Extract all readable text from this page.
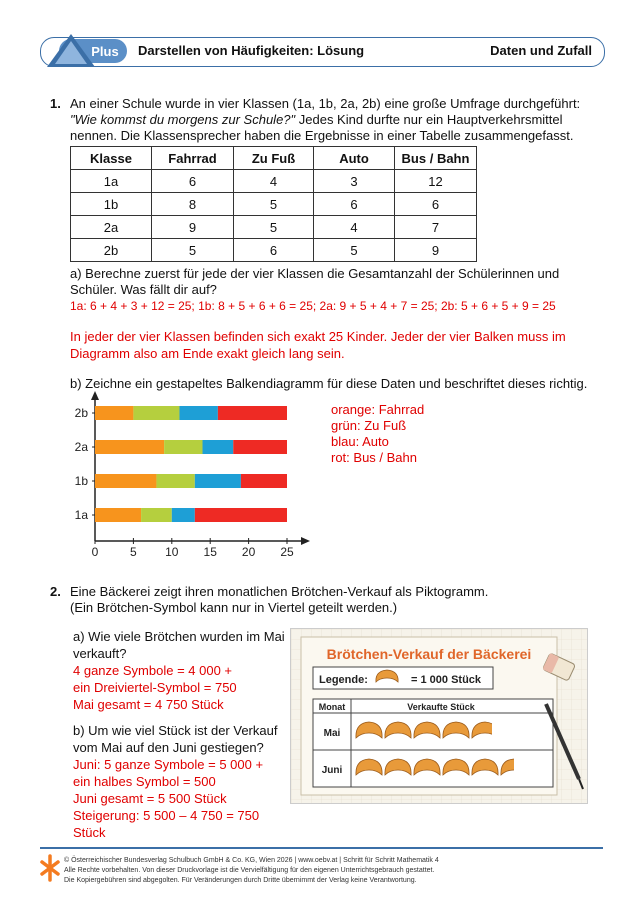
Plus Darstellen von Häufigkeiten: Lösung	Daten und Zufall
1. An einer Schule wurde in vier Klassen (1a, 1b, 2a, 2b) eine große Umfrage durchgeführt: "Wie kommst du morgens zur Schule?" Jedes Kind durfte nur ein Hauptverkehrsmittel nennen. Die Klassensprecher haben die Ergebnisse in einer Tabelle zusammengefasst.
Klasse	Fahrrad	Zu Fuß	Auto	Bus / Bahn
1a	6	4	3	12
1b	8	5	6	6
2a	9	5	4	7
2b	5	6	5	9
a) Berechne zuerst für jede der vier Klassen die Gesamtanzahl der Schülerinnen und Schüler. Was fällt dir auf?
1a: 6 + 4 + 3 + 12 = 25; 1b: 8 + 5 + 6 + 6 = 25; 2a: 9 + 5 + 4 + 7 = 25; 2b: 5 + 6 + 5 + 9 = 25
In jeder der vier Klassen befinden sich exakt 25 Kinder. Jeder der vier Balken muss im Diagramm also am Ende exakt gleich lang sein.
b) Zeichne ein gestapeltes Balkendiagramm für diese Daten und beschriftet dieses richtig.
0	5 10 15 20 25
1a
1b
2a
2b	orange: Fahrrad
grün: Zu Fuß
blau: Auto
rot: Bus / Bahn
2. Eine Bäckerei zeigt ihren monatlichen Brötchen-Verkauf als Piktogramm.
(Ein Brötchen-Symbol kann nur in Viertel geteilt werden.)
a) Wie viele Brötchen wurden im Mai
verkauft?
4 ganze Symbole = 4 000 +
ein Dreiviertel-Symbol = 750
Mai gesamt = 4 750 Stück
b) Um wie viel Stück ist der Verkauf
vom Mai auf den Juni gestiegen?
Juni: 5 ganze Symbole = 5 000 +
ein halbes Symbol = 500
Juni gesamt = 5 500 Stück
Steigerung: 5 500 – 4 750 = 750 Stück
Brötchen-Verkauf der Bäckerei
Legende:	= 1 000 Stück
Monat	Verkaufte Stück
Mai
Juni
© Österreichischer Bundesverlag Schulbuch GmbH & Co. KG, Wien 2026 | www.oebv.at | Schritt für Schritt Mathematik 4
Alle Rechte vorbehalten. Von dieser Druckvorlage ist die Vervielfältigung für den eigenen Unterrichtsgebrauch gestattet.
Die Kopiergebühren sind abgegolten. Für Veränderungen durch Dritte übernimmt der Verlag keine Verantwortung.
